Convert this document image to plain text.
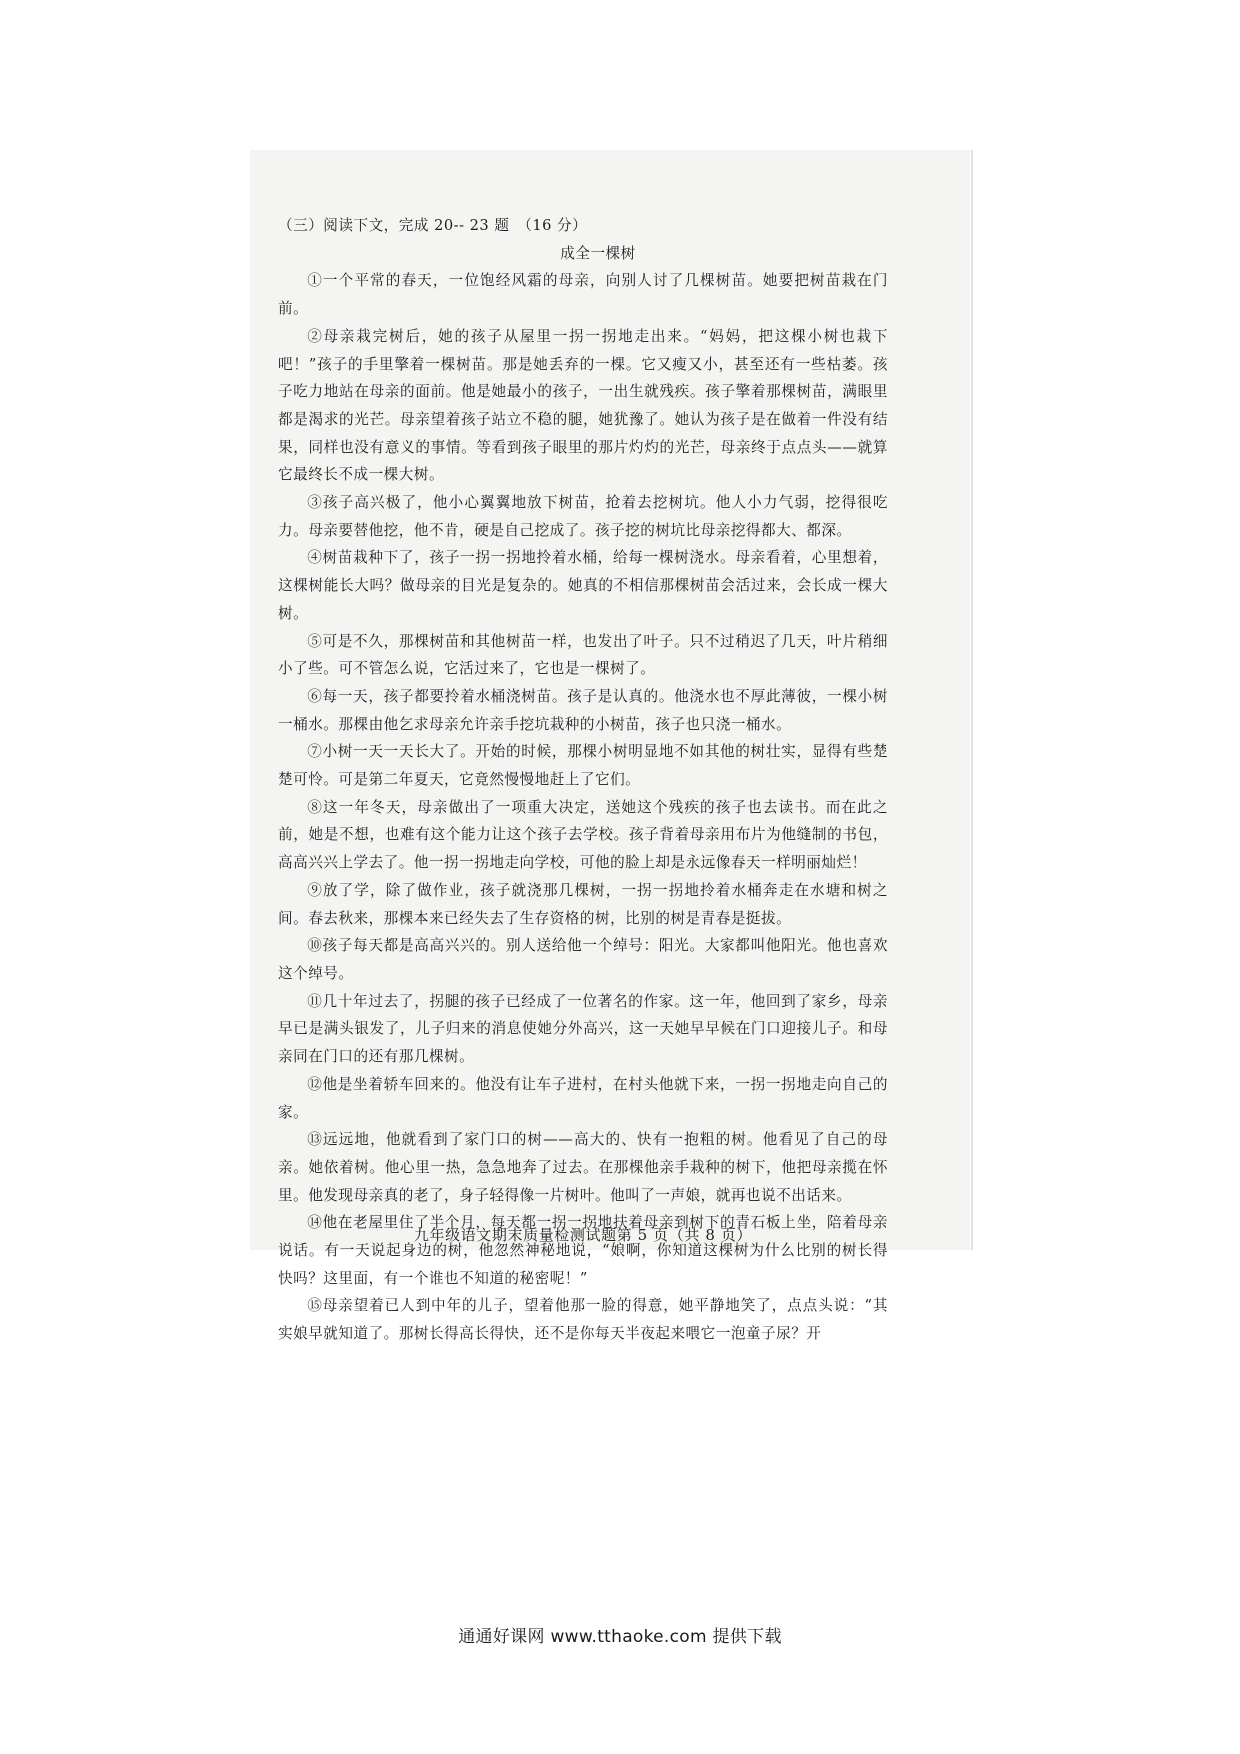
（三）阅读下文，完成 20-- 23 题　（16 分）

成全一棵树

①一个平常的春天，一位饱经风霜的母亲，向别人讨了几棵树苗。她要把树苗栽在门前。

②母亲栽完树后，她的孩子从屋里一拐一拐地走出来。“妈妈，把这棵小树也栽下吧！”孩子的手里擎着一棵树苗。那是她丢弃的一棵。它又瘦又小，甚至还有一些枯萎。孩子吃力地站在母亲的面前。他是她最小的孩子，一出生就残疾。孩子擎着那棵树苗，满眼里都是渴求的光芒。母亲望着孩子站立不稳的腿，她犹豫了。她认为孩子是在做着一件没有结果，同样也没有意义的事情。等看到孩子眼里的那片灼灼的光芒，母亲终于点点头——就算它最终长不成一棵大树。

③孩子高兴极了，他小心翼翼地放下树苗，抢着去挖树坑。他人小力气弱，挖得很吃力。母亲要替他挖，他不肯，硬是自己挖成了。孩子挖的树坑比母亲挖得都大、都深。

④树苗栽种下了，孩子一拐一拐地拎着水桶，给每一棵树浇水。母亲看着，心里想着，这棵树能长大吗？做母亲的目光是复杂的。她真的不相信那棵树苗会活过来，会长成一棵大树。

⑤可是不久，那棵树苗和其他树苗一样，也发出了叶子。只不过稍迟了几天，叶片稍细小了些。可不管怎么说，它活过来了，它也是一棵树了。

⑥每一天，孩子都要拎着水桶浇树苗。孩子是认真的。他浇水也不厚此薄彼，一棵小树一桶水。那棵由他乞求母亲允许亲手挖坑栽种的小树苗，孩子也只浇一桶水。

⑦小树一天一天长大了。开始的时候，那棵小树明显地不如其他的树壮实，显得有些楚楚可怜。可是第二年夏天，它竟然慢慢地赶上了它们。

⑧这一年冬天，母亲做出了一项重大决定，送她这个残疾的孩子也去读书。而在此之前，她是不想，也难有这个能力让这个孩子去学校。孩子背着母亲用布片为他缝制的书包，高高兴兴上学去了。他一拐一拐地走向学校，可他的脸上却是永远像春天一样明丽灿烂！

⑨放了学，除了做作业，孩子就浇那几棵树，一拐一拐地拎着水桶奔走在水塘和树之间。春去秋来，那棵本来已经失去了生存资格的树，比别的树是青春是挺拔。

⑩孩子每天都是高高兴兴的。别人送给他一个绰号：阳光。大家都叫他阳光。他也喜欢这个绰号。

⑪几十年过去了，拐腿的孩子已经成了一位著名的作家。这一年，他回到了家乡，母亲早已是满头银发了，儿子归来的消息使她分外高兴，这一天她早早候在门口迎接儿子。和母亲同在门口的还有那几棵树。

⑫他是坐着轿车回来的。他没有让车子进村，在村头他就下来，一拐一拐地走向自己的家。

⑬远远地，他就看到了家门口的树——高大的、快有一抱粗的树。他看见了自己的母亲。她依着树。他心里一热，急急地奔了过去。在那棵他亲手栽种的树下，他把母亲揽在怀里。他发现母亲真的老了，身子轻得像一片树叶。他叫了一声娘，就再也说不出话来。

⑭他在老屋里住了半个月，每天都一拐一拐地扶着母亲到树下的青石板上坐，陪着母亲说话。有一天说起身边的树，他忽然神秘地说，“娘啊，你知道这棵树为什么比别的树长得快吗？这里面，有一个谁也不知道的秘密呢！”

⑮母亲望着已人到中年的儿子，望着他那一脸的得意，她平静地笑了，点点头说：“其实娘早就知道了。那树长得高长得快，还不是你每天半夜起来喂它一泡童子尿？开

九年级语文期末质量检测试题第 5 页（共 8 页）
通通好课网 www.tthaoke.com 提供下载
